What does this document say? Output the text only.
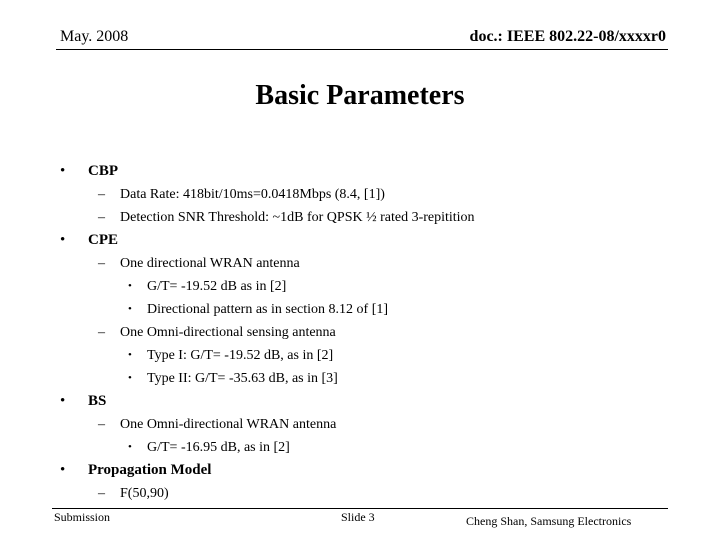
May. 2008	doc.: IEEE 802.22-08/xxxxr0
Basic Parameters
• CBP
– Data Rate: 418bit/10ms=0.0418Mbps (8.4, [1])
– Detection SNR Threshold: ~1dB for QPSK ½ rated 3-repitition
• CPE
– One directional WRAN antenna
• G/T= -19.52 dB as in [2]
• Directional pattern as in section 8.12 of [1]
– One Omni-directional sensing antenna
• Type I: G/T= -19.52 dB, as in [2]
• Type II: G/T= -35.63 dB, as in [3]
• BS
– One Omni-directional WRAN antenna
• G/T= -16.95 dB, as in [2]
• Propagation Model
– F(50,90)
Submission	Slide 3	Cheng Shan, Samsung Electronics
